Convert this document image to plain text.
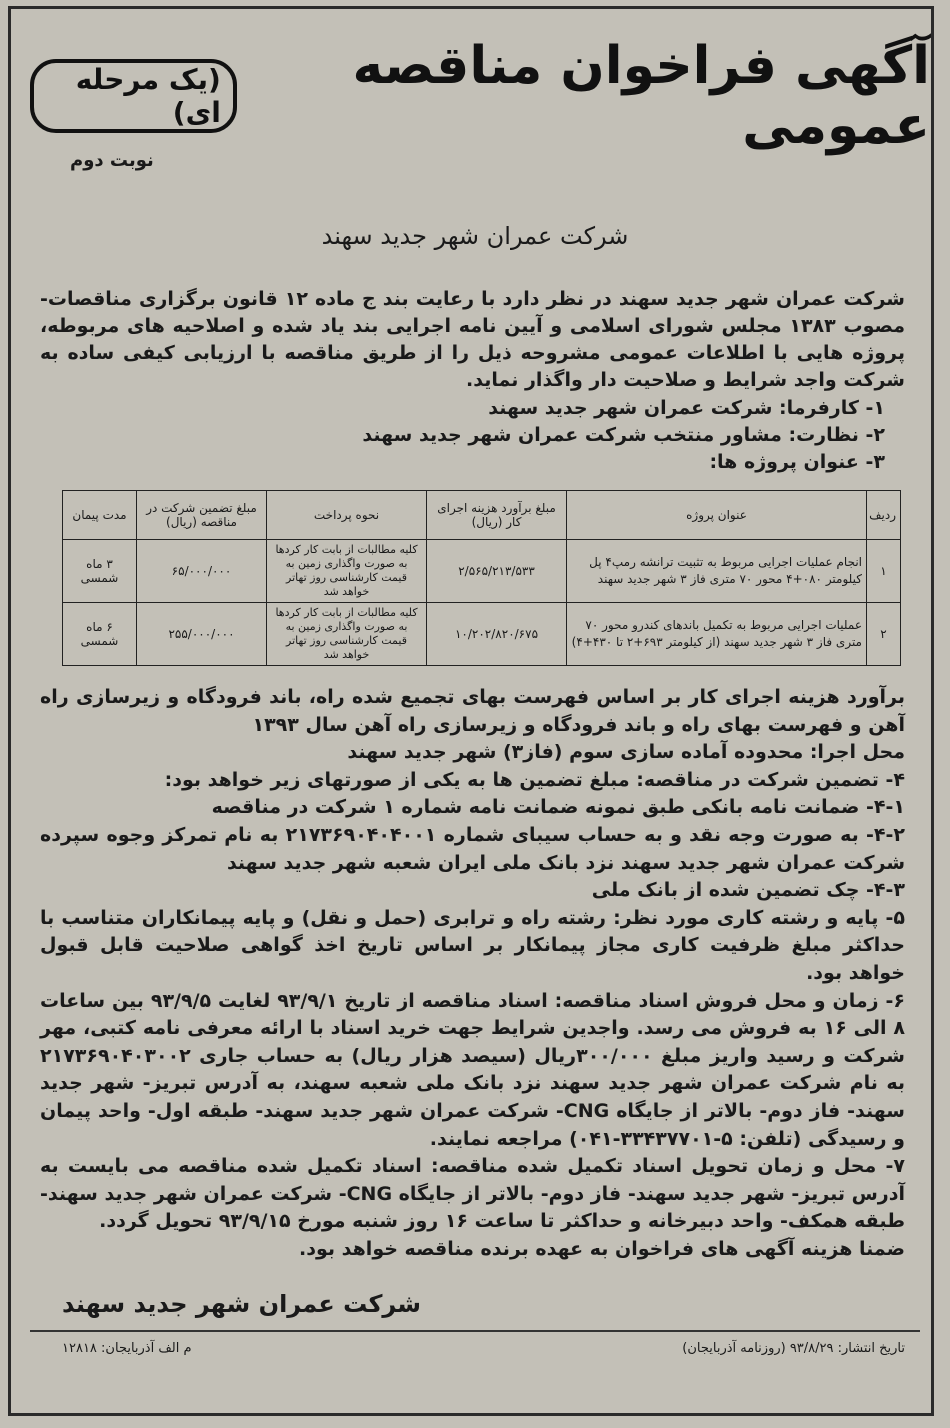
آگهی فراخوان مناقصه عمومی
(یک مرحله ای)
نوبت دوم
شرکت عمران شهر جدید سهند
شرکت عمران شهر جدید سهند در نظر دارد با رعایت بند ج ماده ۱۲ قانون برگزاری مناقصات- مصوب ۱۳۸۳ مجلس شورای اسلامی و آیین نامه اجرایی بند یاد شده و اصلاحیه های مربوطه، پروژه هایی با اطلاعات عمومی مشروحه ذیل را از طریق مناقصه با ارزیابی کیفی ساده به شرکت واجد شرایط و صلاحیت دار واگذار نماید.
۱- کارفرما: شرکت عمران شهر جدید سهند
۲- نظارت: مشاور منتخب شرکت عمران شهر جدید سهند
۳- عنوان پروژه ها:
ردیف	عنوان پروژه	مبلغ برآورد هزینه اجرای کار (ریال)	نحوه پرداخت	مبلغ تضمین شرکت در مناقصه (ریال)	مدت پیمان
۱	انجام عملیات اجرایی مربوط به تثبیت ترانشه رمپ۴ پل کیلومتر ۰۸۰+۴ محور ۷۰ متری فاز ۳ شهر جدید سهند	۲/۵۶۵/۲۱۳/۵۳۳	کلیه مطالبات از بابت کار کردها به صورت واگذاری زمین به قیمت کارشناسی روز تهاتر خواهد شد	۶۵/۰۰۰/۰۰۰	۳ ماه شمسی
۲	عملیات اجرایی مربوط به تکمیل باندهای کندرو محور ۷۰ متری فاز ۳ شهر جدید سهند (از کیلومتر ۶۹۳+۲ تا ۴۳۰+۴)	۱۰/۲۰۲/۸۲۰/۶۷۵	کلیه مطالبات از بابت کار کردها به صورت واگذاری زمین به قیمت کارشناسی روز تهاتر خواهد شد	۲۵۵/۰۰۰/۰۰۰	۶ ماه شمسی

برآورد هزینه اجرای کار بر اساس فهرست بهای تجمیع شده راه، باند فرودگاه و زیرسازی راه آهن و فهرست بهای راه و باند فرودگاه و زیرسازی راه آهن سال ۱۳۹۳

محل اجرا: محدوده آماده سازی سوم (فاز۳) شهر جدید سهند

۴- تضمین شرکت در مناقصه: مبلغ تضمین ها به یکی از صورتهای زیر خواهد بود:

۴-۱- ضمانت نامه بانکی طبق نمونه ضمانت نامه شماره ۱ شرکت در مناقصه

۴-۲- به صورت وجه نقد و به حساب سیبای شماره ۲۱۷۳۶۹۰۴۰۴۰۰۱ به نام تمرکز وجوه سپرده شرکت عمران شهر جدید سهند نزد بانک ملی ایران شعبه شهر جدید سهند

۴-۳- چک تضمین شده از بانک ملی

۵- پایه و رشته کاری مورد نظر: رشته راه و ترابری (حمل و نقل) و پایه پیمانکاران متناسب با حداکثر مبلغ ظرفیت کاری مجاز پیمانکار بر اساس تاریخ اخذ گواهی صلاحیت قابل قبول خواهد بود.

۶- زمان و محل فروش اسناد مناقصه: اسناد مناقصه از تاریخ ۹۳/۹/۱ لغایت ۹۳/۹/۵ بین ساعات ۸ الی ۱۶ به فروش می رسد. واجدین شرایط جهت خرید اسناد با ارائه معرفی نامه کتبی، مهر شرکت و رسید واریز مبلغ ۳۰۰/۰۰۰ریال (سیصد هزار ریال) به حساب جاری ۲۱۷۳۶۹۰۴۰۳۰۰۲ به نام شرکت عمران شهر جدید سهند نزد بانک ملی شعبه سهند، به آدرس تبریز- شهر جدید سهند- فاز دوم- بالاتر از جایگاه CNG- شرکت عمران شهر جدید سهند- طبقه اول- واحد پیمان و رسیدگی (تلفن: ۵-۳۳۴۳۷۷۰۱-۰۴۱) مراجعه نمایند.

۷- محل و زمان تحویل اسناد تکمیل شده مناقصه: اسناد تکمیل شده مناقصه می بایست به آدرس تبریز- شهر جدید سهند- فاز دوم- بالاتر از جایگاه CNG- شرکت عمران شهر جدید سهند- طبقه همکف- واحد دبیرخانه و حداکثر تا ساعت ۱۶ روز شنبه مورخ ۹۳/۹/۱۵ تحویل گردد.

ضمنا هزینه آگهی های فراخوان به عهده برنده مناقصه خواهد بود.

شرکت عمران شهر جدید سهند
تاریخ انتشار: ۹۳/۸/۲۹ (روزنامه آذربایجان)
م الف آذربایجان: ۱۲۸۱۸
